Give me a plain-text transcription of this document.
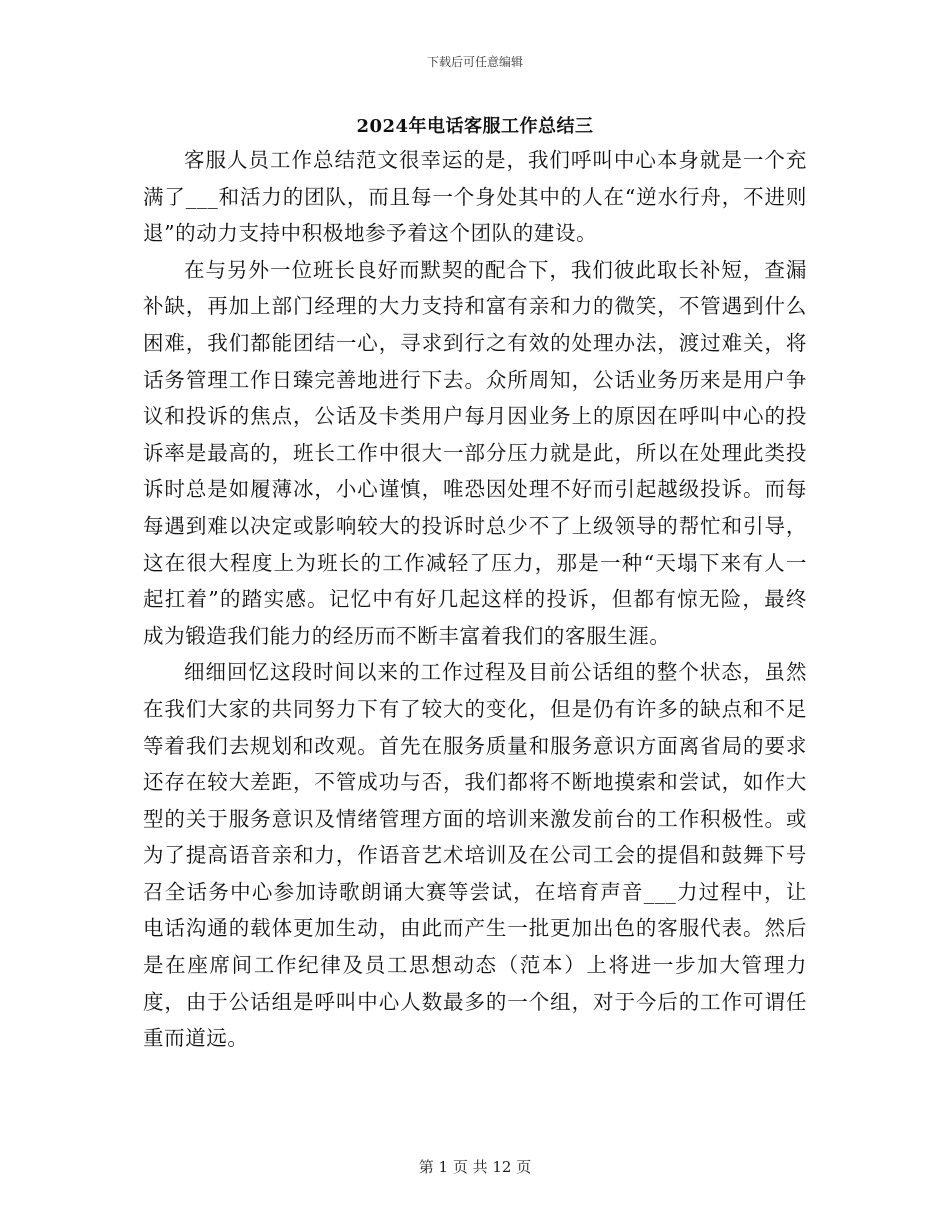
下载后可任意编辑
2024年电话客服工作总结三

客服人员工作总结范文很幸运的是，我们呼叫中心本身就是一个充满了___和活力的团队，而且每一个身处其中的人在“逆水行舟，不进则退”的动力支持中积极地参予着这个团队的建设。

在与另外一位班长良好而默契的配合下，我们彼此取长补短，查漏补缺，再加上部门经理的大力支持和富有亲和力的微笑，不管遇到什么困难，我们都能团结一心，寻求到行之有效的处理办法，渡过难关，将话务管理工作日臻完善地进行下去。众所周知，公话业务历来是用户争议和投诉的焦点，公话及卡类用户每月因业务上的原因在呼叫中心的投诉率是最高的，班长工作中很大一部分压力就是此，所以在处理此类投诉时总是如履薄冰，小心谨慎，唯恐因处理不好而引起越级投诉。而每每遇到难以决定或影响较大的投诉时总少不了上级领导的帮忙和引导，这在很大程度上为班长的工作减轻了压力，那是一种“天塌下来有人一起扛着”的踏实感。记忆中有好几起这样的投诉，但都有惊无险，最终成为锻造我们能力的经历而不断丰富着我们的客服生涯。

细细回忆这段时间以来的工作过程及目前公话组的整个状态，虽然在我们大家的共同努力下有了较大的变化，但是仍有许多的缺点和不足等着我们去规划和改观。首先在服务质量和服务意识方面离省局的要求还存在较大差距，不管成功与否，我们都将不断地摸索和尝试，如作大型的关于服务意识及情绪管理方面的培训来激发前台的工作积极性。或为了提高语音亲和力，作语音艺术培训及在公司工会的提倡和鼓舞下号召全话务中心参加诗歌朗诵大赛等尝试，在培育声音___力过程中，让电话沟通的载体更加生动，由此而产生一批更加出色的客服代表。然后是在座席间工作纪律及员工思想动态（范本）上将进一步加大管理力度，由于公话组是呼叫中心人数最多的一个组，对于今后的工作可谓任重而道远。

第 1 页 共 12 页
